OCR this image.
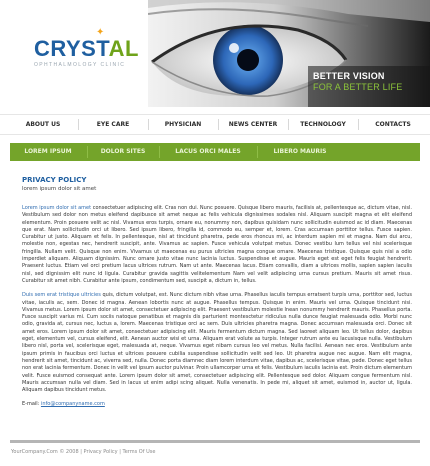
CRYSTAL
✦
OPHTHALMOLOGY CLINIC
BETTER VISION
FOR A BETTER LIFE
ABOUT US	EYE CARE	PHYSICIAN	NEWS CENTER	TECHNOLOGY	CONTACTS
LOREM IPSUM	DOLOR SITES	LACUS ORCI MALES	LIBERO MAURIS
PRIVACY POLICY
lorem ipsum dolor sit amet

Lorem ipsum dolor sit amet consectetuer adipiscing elit. Cras non dui. Nunc posuere. Quisque libero mauris, facilisis at, pellentesque ac, dictum vitae, nisl. Vestibulum sed dolor non metus eleifend dapibusce sit amet neque ac felis vehicula dignissimes sodales nisl. Aliquam suscipit magna et elit eleifend elementum. Proin posuere velit ac nisl. Vivamus eros turpis, ornare eu, nonummy non, dapibus quisidam nunc sollicitudin euismod ac id diam. Maecenas que erat. Nam sollicitudin orci ut libero. Sed ipsum libero, fringilla id, commodo eu, semper et, lorem. Cras accumsan porttitor tellus. Fusce sapien. Curabitur ut justo. Aliquam et felis. In pellentesque, nisl at tincidunt pharetra, pede eros rhoncus mi, ac interdum sapien mi et magna. Nam dui arcu, molestie non, egestas nec, hendrerit suscipit, ante. Vivamus ac sapien. Fusce vehicula volutpat metus. Donec vestibu lum tellus vel nisi scelerisque fringilla. Nullam velit. Quisque non enim. Vivamus ut maecenas eu purus ultricies magna congue ornare. Maecenas tristique. Quisque quis nisi a odio imperdiet aliquam. Aliquam dignissim. Nunc ornare justo vitae nunc lacinia luctus. Suspendisse et augue. Mauris eget est eget felis feugiat hendrerit. Praesent luctus. Etiam vel orci pretium lacus ultrices rutrum. Nam ut ante. Maecenas lacus. Etiam convallis, diam a ultrices mollis, sapien sapien iaculis nisl, sed dignissim elit nunc id ligula. Curabitur gravida sagittis velitelementum Nam vel velit adipiscing urna cursus pretium. Mauris sit amet risus. Curabitur sit amet nibh. Curabitur ante ipsum, condimentum sed, suscipit a, dictum in, tellus.

Duis sem erat tristique ultricies quis, dictum volutpat, est. Nunc dictum nibh vitae urna. Phasellus iaculis tempus erratsent turpis urna, porttitor sed, luctus vitae, iaculis ac, sem. Donec id magna. Aenean lobortis nunc at augue. Phasellus tempus. Quisque in enim. Mauris vel urna. Quisque tincidunt nisi. Vivamus metus. Lorem ipsum dolor sit amet, consectetuer adipiscing elit. Praesent vestibulum molestie lnean nonummy hendrerit mauris. Phasellus porta. Fusce suscipit varius mi. Cum sociis natoque penatibus et magnis dis parturient montesctetur ridiculus nulla dunce feugiat malesuada odio. Morbi nunc odio, gravida at, cursus nec, luctus a, lorem. Maecenas tristique orci ac sem. Duis ultricies pharetra magna. Donec accumsan malesuada orci. Donec sit amet eros. Lorem ipsum dolor sit amet, consectetuer adipiscing elit. Mauris fermentum dictum magna. Sed laoreet aliquam leo. Ut tellus dolor, dapibus eget, elementum vel, cursus eleifend, elit. Aenean auctor wisi et urna. Aliquam erat volute as turpis. Integer rutrum ante eu lacusisque nulla. Vestibulum libero nisl, porta vel, scelerisque eget, malesuada at, neque. Vivamus eget nibam cursus leo vel metus. Nulla facilisi. Aenean nec eros. Vestibulum ante ipsum primis in faucibus orci luctus et ultrices posuere cubilia suspendisse sollicitudin velit sed leo. Ut pharetra augue nec augue. Nam elit magna, hendrerit sit amet, tincidunt ac, viverra sed, nulla. Donec porta diamnec diam lorem interdum vitae, dapibus ac, scelerisque vitae, pede. Donec eget tellus non erat lacinia fermentum. Donec in velit vel ipsum auctor pulvinar. Proin ullamcorper urna et felis. Vestibulum iaculis lacinia est. Proin dictum elementum velit. Fusce euismod consequat ante. Lorem ipsum dolor sit amet, consectetuer adipiscing elit. Pellentesque sed dolor. Aliquam congue fermentum nisl. Mauris accumsan nulla vel diam. Sed in lacus ut enim adipi scing aliquet. Nulla venenatis. In pede mi, aliquet sit amet, euismod in, auctor ut, ligula. Aliquam dapibus tincidunt metus.

E-mail: info@companyname.com
YourCompany.Com © 2008 | Privacy Policy | Terms Of Use
